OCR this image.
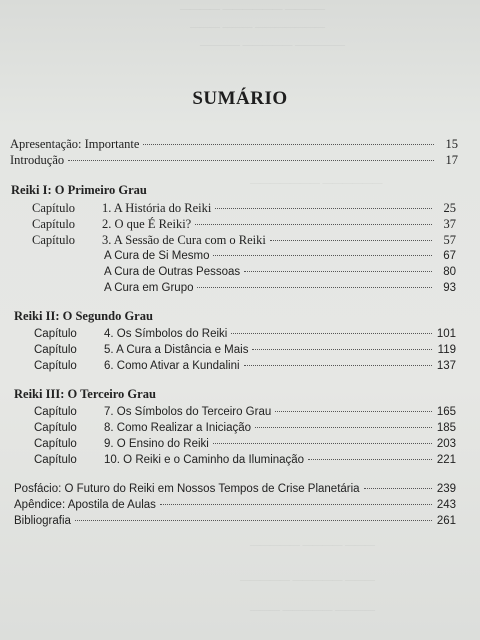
———— —————— ————
——— ——— ———————
———— ————— —————
——————— ——————
————— ———— ———
————— ————— ———
——— ————— ————
SUMÁRIO
Apresentação: Importante	15
Introdução	17
Reiki I: O Primeiro Grau
Capítulo 1. A História do Reiki	25
Capítulo 2. O que É Reiki?	37
Capítulo 3. A Sessão de Cura com o Reiki	57
A Cura de Si Mesmo	67
A Cura de Outras Pessoas	80
A Cura em Grupo	93
Reiki II: O Segundo Grau
Capítulo 4. Os Símbolos do Reiki	101
Capítulo 5. A Cura a Distância e Mais	119
Capítulo 6. Como Ativar a Kundalini	137
Reiki III: O Terceiro Grau
Capítulo 7. Os Símbolos do Terceiro Grau	165
Capítulo 8. Como Realizar a Iniciação	185
Capítulo 9. O Ensino do Reiki	203
Capítulo 10. O Reiki e o Caminho da Iluminação	221
Posfácio: O Futuro do Reiki em Nossos Tempos de Crise Planetária	239
Apêndice: Apostila de Aulas	243
Bibliografia	261
